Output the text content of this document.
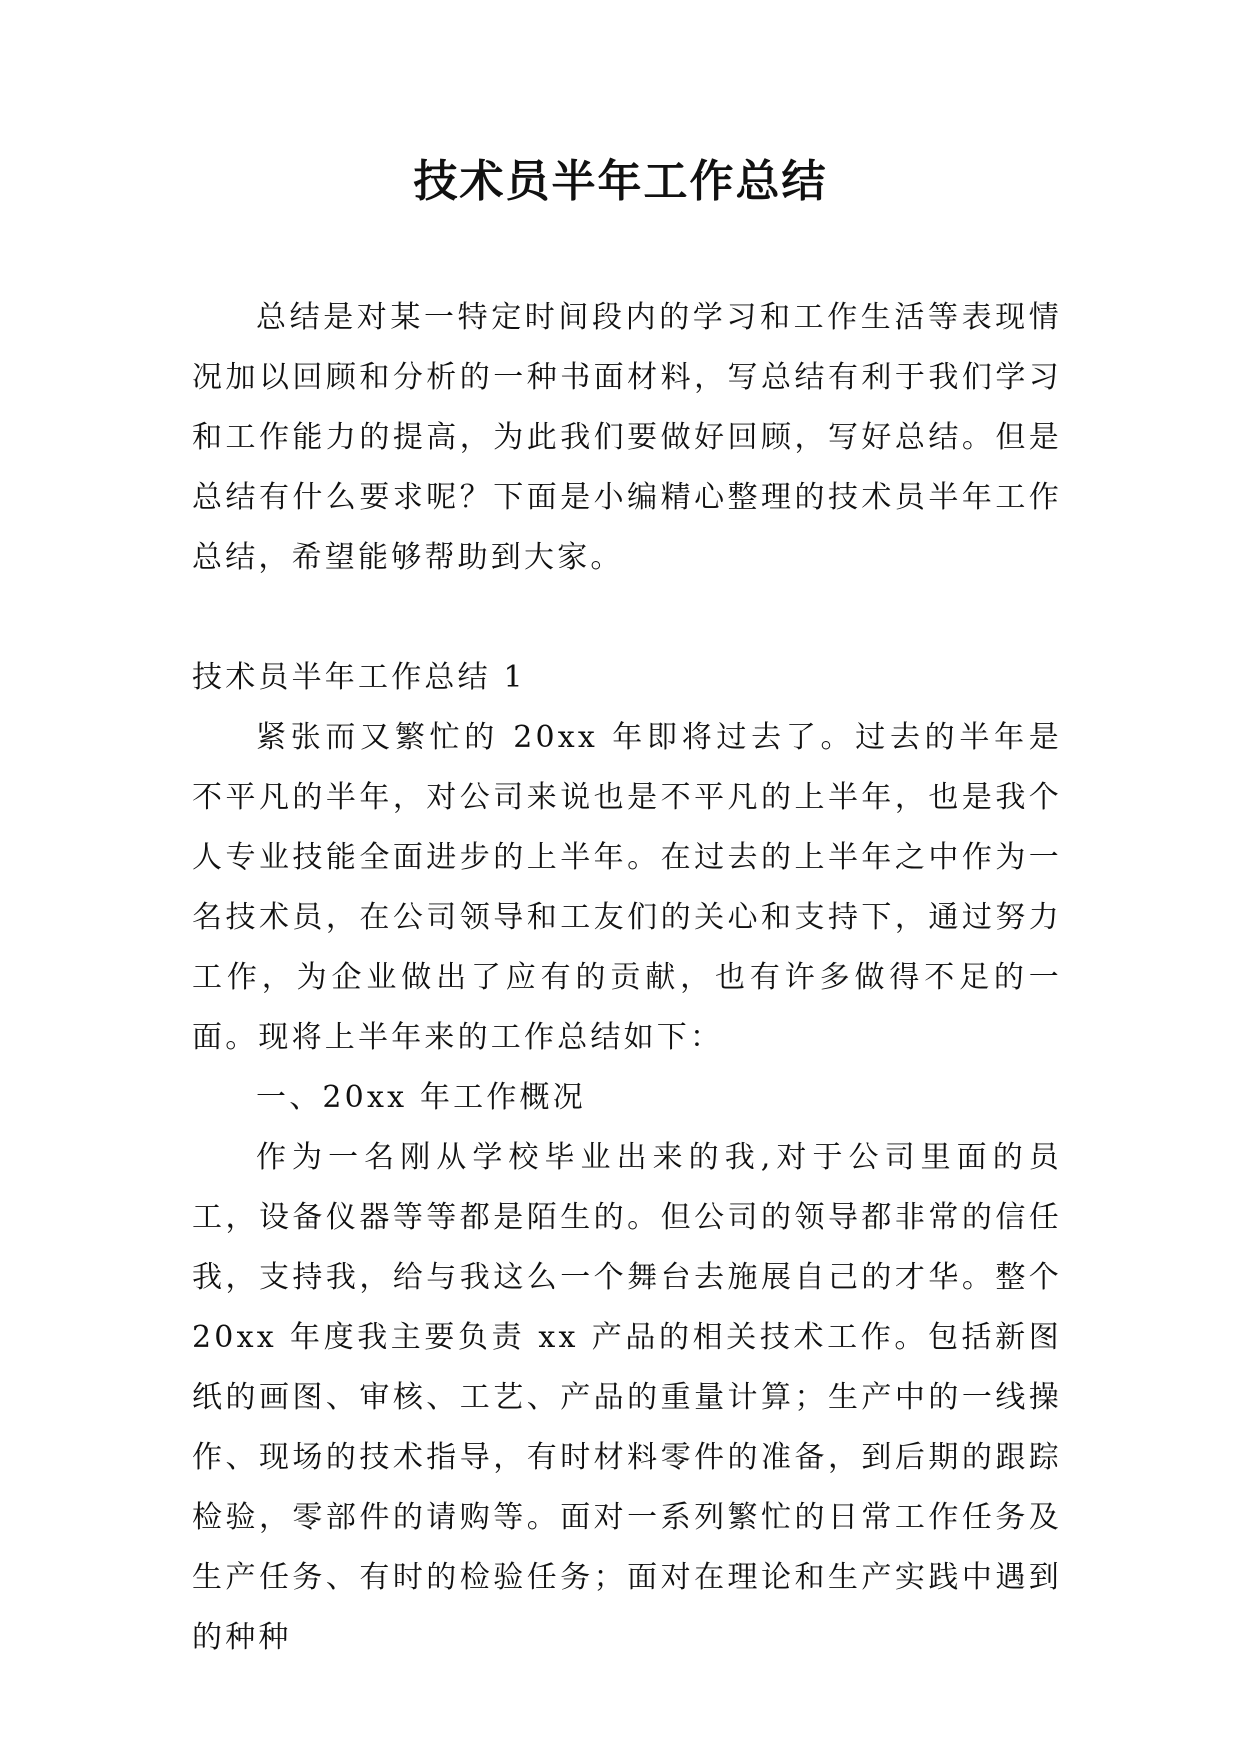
技术员半年工作总结

总结是对某一特定时间段内的学习和工作生活等表现情况加以回顾和分析的一种书面材料，写总结有利于我们学习和工作能力的提高，为此我们要做好回顾，写好总结。但是总结有什么要求呢？下面是小编精心整理的技术员半年工作总结，希望能够帮助到大家。

技术员半年工作总结 1

紧张而又繁忙的 20xx 年即将过去了。过去的半年是不平凡的半年，对公司来说也是不平凡的上半年，也是我个人专业技能全面进步的上半年。在过去的上半年之中作为一名技术员，在公司领导和工友们的关心和支持下，通过努力工作，为企业做出了应有的贡献，也有许多做得不足的一面。现将上半年来的工作总结如下：

一、20xx 年工作概况

作为一名刚从学校毕业出来的我,对于公司里面的员工，设备仪器等等都是陌生的。但公司的领导都非常的信任我，支持我，给与我这么一个舞台去施展自己的才华。整个 20xx 年度我主要负责 xx 产品的相关技术工作。包括新图纸的画图、审核、工艺、产品的重量计算；生产中的一线操作、现场的技术指导，有时材料零件的准备，到后期的跟踪检验，零部件的请购等。面对一系列繁忙的日常工作任务及生产任务、有时的检验任务；面对在理论和生产实践中遇到的种种
